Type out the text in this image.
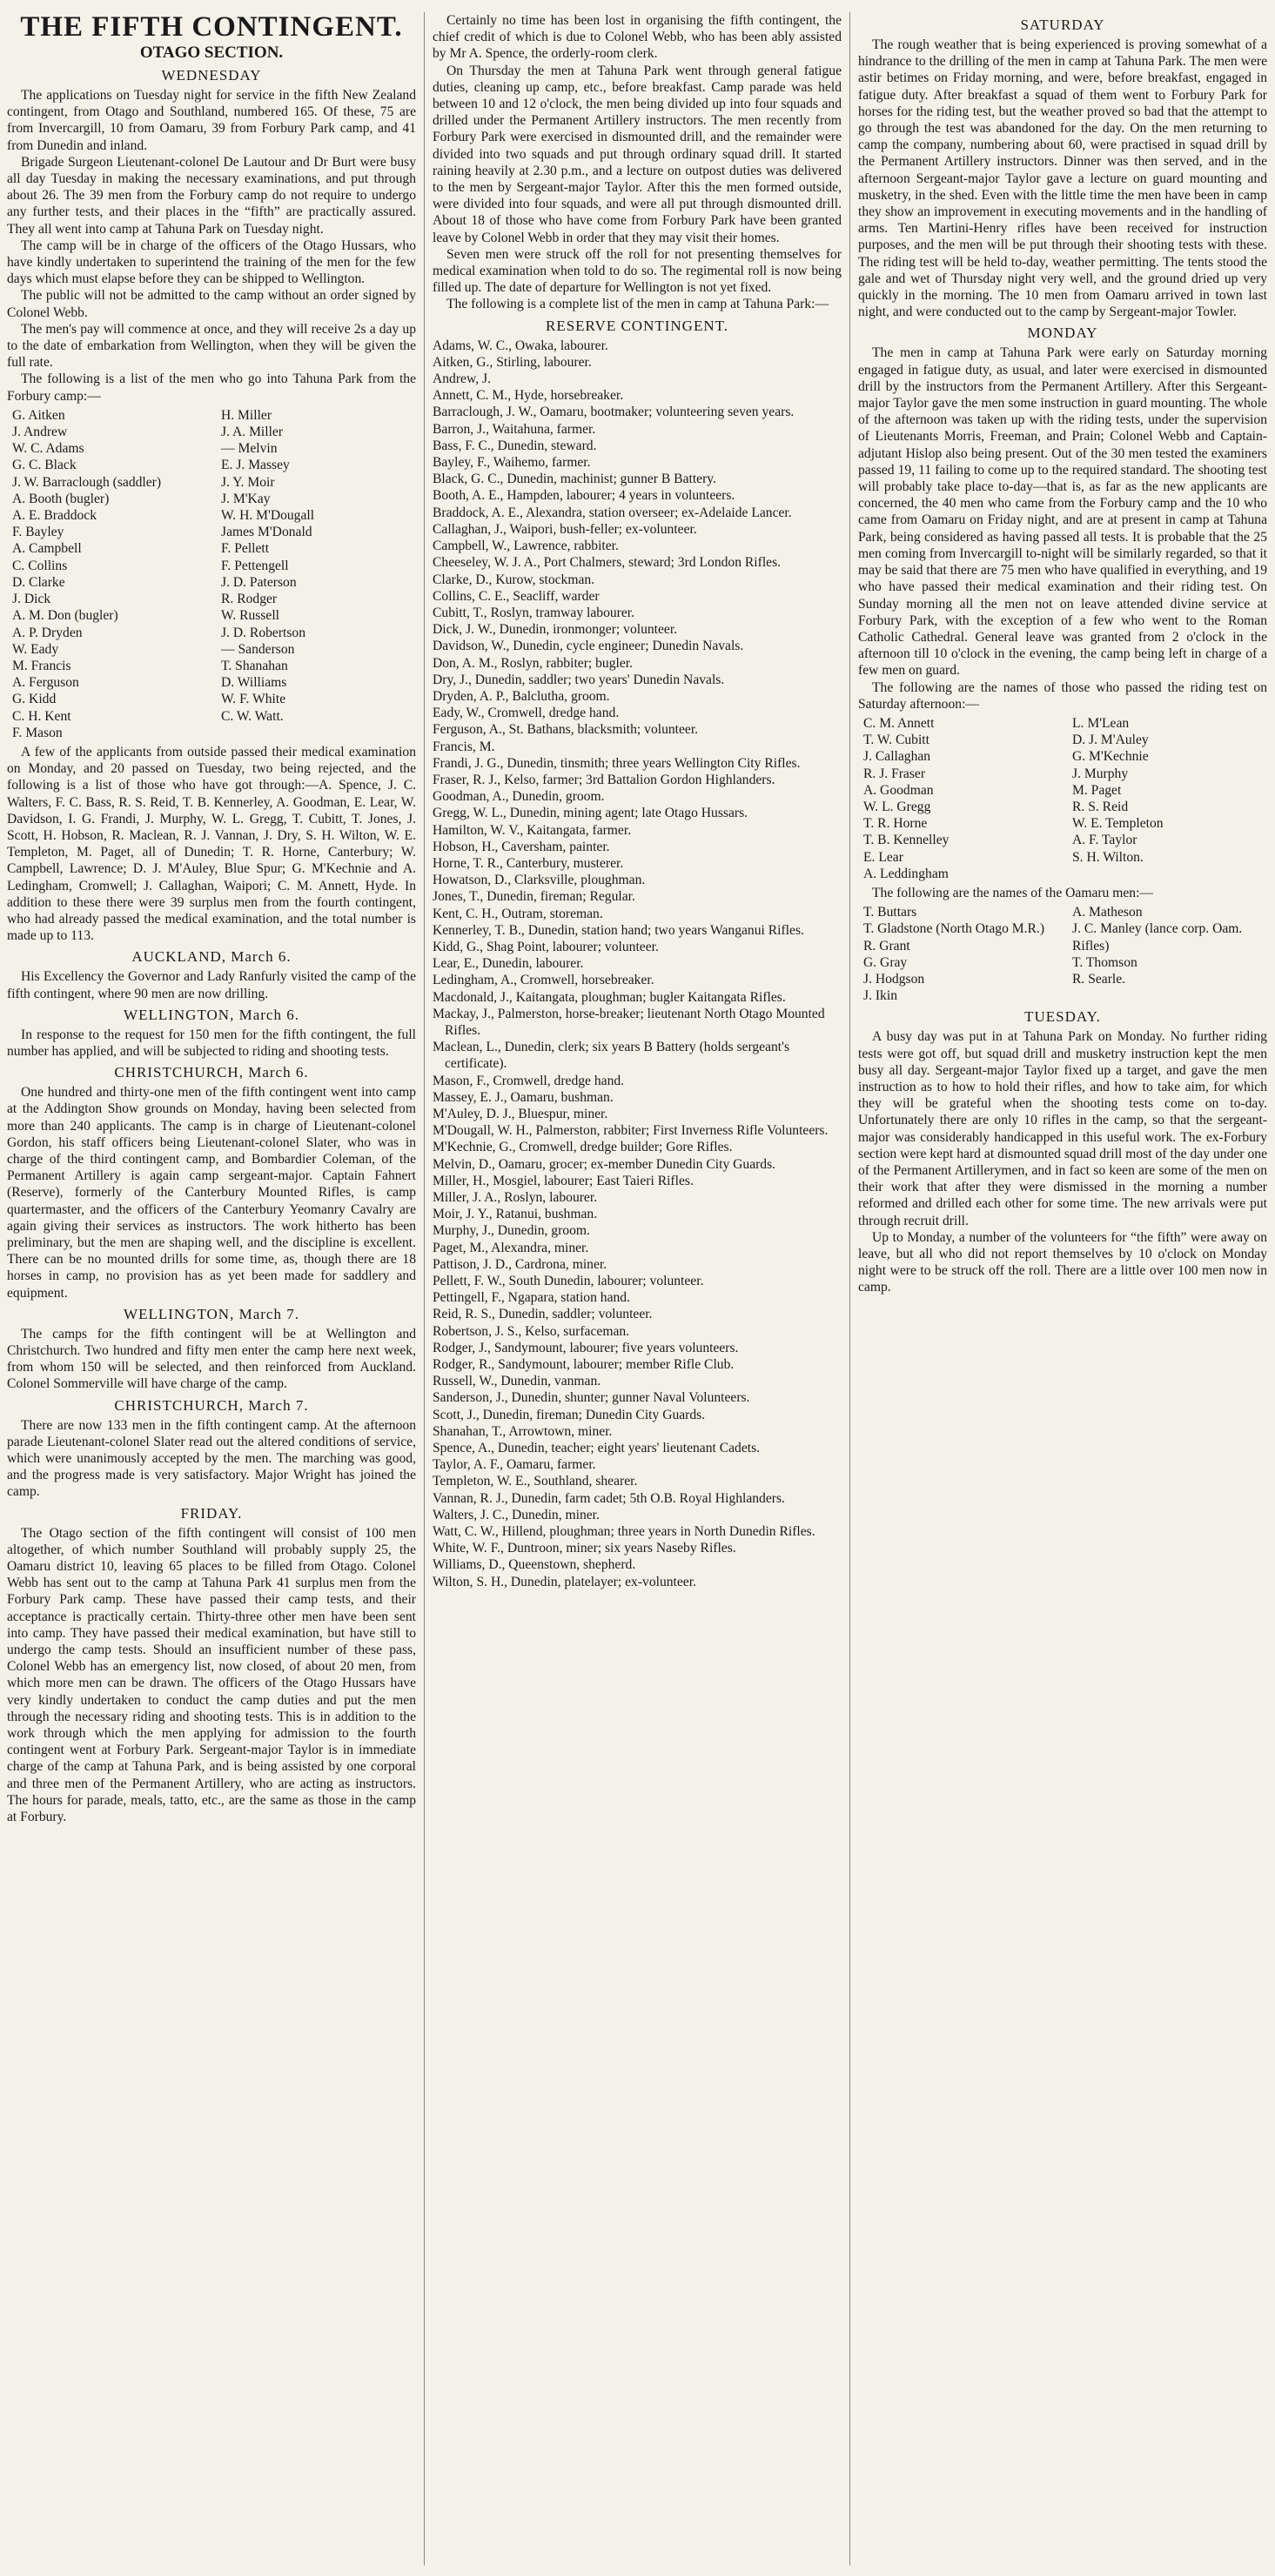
THE FIFTH CONTINGENT.
OTAGO SECTION.
WEDNESDAY

The applications on Tuesday night for service in the fifth New Zealand contingent, from Otago and Southland, numbered 165. Of these, 75 are from Invercargill, 10 from Oamaru, 39 from Forbury Park camp, and 41 from Dunedin and inland.

Brigade Surgeon Lieutenant-colonel De Lautour and Dr Burt were busy all day Tuesday in making the necessary examinations, and put through about 26. The 39 men from the Forbury camp do not require to undergo any further tests, and their places in the “fifth” are practically assured. They all went into camp at Tahuna Park on Tuesday night.

The camp will be in charge of the officers of the Otago Hussars, who have kindly undertaken to superintend the training of the men for the few days which must elapse before they can be shipped to Wellington.

The public will not be admitted to the camp without an order signed by Colonel Webb.

The men's pay will commence at once, and they will receive 2s a day up to the date of embarkation from Wellington, when they will be given the full rate.

The following is a list of the men who go into Tahuna Park from the Forbury camp:—

G. Aitken
J. Andrew
W. C. Adams
G. C. Black
J. W. Barraclough (saddler)
A. Booth (bugler)
A. E. Braddock
F. Bayley
A. Campbell
C. Collins
D. Clarke
J. Dick
A. M. Don (bugler)
A. P. Dryden
W. Eady
M. Francis
A. Ferguson
G. Kidd
C. H. Kent
F. Mason
H. Miller
J. A. Miller
— Melvin
E. J. Massey
J. Y. Moir
J. M'Kay
W. H. M'Dougall
James M'Donald
F. Pellett
F. Pettengell
J. D. Paterson
R. Rodger
W. Russell
J. D. Robertson
— Sanderson
T. Shanahan
D. Williams
W. F. White
C. W. Watt.

A few of the applicants from outside passed their medical examination on Monday, and 20 passed on Tuesday, two being rejected, and the following is a list of those who have got through:—A. Spence, J. C. Walters, F. C. Bass, R. S. Reid, T. B. Kennerley, A. Goodman, E. Lear, W. Davidson, I. G. Frandi, J. Murphy, W. L. Gregg, T. Cubitt, T. Jones, J. Scott, H. Hobson, R. Maclean, R. J. Vannan, J. Dry, S. H. Wilton, W. E. Templeton, M. Paget, all of Dunedin; T. R. Horne, Canterbury; W. Campbell, Lawrence; D. J. M'Auley, Blue Spur; G. M'Kechnie and A. Ledingham, Cromwell; J. Callaghan, Waipori; C. M. Annett, Hyde. In addition to these there were 39 surplus men from the fourth contingent, who had already passed the medical examination, and the total number is made up to 113.

AUCKLAND, March 6.

His Excellency the Governor and Lady Ranfurly visited the camp of the fifth contingent, where 90 men are now drilling.

WELLINGTON, March 6.

In response to the request for 150 men for the fifth contingent, the full number has applied, and will be subjected to riding and shooting tests.

CHRISTCHURCH, March 6.

One hundred and thirty-one men of the fifth contingent went into camp at the Addington Show grounds on Monday, having been selected from more than 240 applicants. The camp is in charge of Lieutenant-colonel Gordon, his staff officers being Lieutenant-colonel Slater, who was in charge of the third contingent camp, and Bombardier Coleman, of the Permanent Artillery is again camp sergeant-major. Captain Fahnert (Reserve), formerly of the Canterbury Mounted Rifles, is camp quartermaster, and the officers of the Canterbury Yeomanry Cavalry are again giving their services as instructors. The work hitherto has been preliminary, but the men are shaping well, and the discipline is excellent. There can be no mounted drills for some time, as, though there are 18 horses in camp, no provision has as yet been made for saddlery and equipment.

WELLINGTON, March 7.

The camps for the fifth contingent will be at Wellington and Christchurch. Two hundred and fifty men enter the camp here next week, from whom 150 will be selected, and then reinforced from Auckland. Colonel Sommerville will have charge of the camp.

CHRISTCHURCH, March 7.

There are now 133 men in the fifth contingent camp. At the afternoon parade Lieutenant-colonel Slater read out the altered conditions of service, which were unanimously accepted by the men. The marching was good, and the progress made is very satisfactory. Major Wright has joined the camp.

FRIDAY.

The Otago section of the fifth contingent will consist of 100 men altogether, of which number Southland will probably supply 25, the Oamaru district 10, leaving 65 places to be filled from Otago. Colonel Webb has sent out to the camp at Tahuna Park 41 surplus men from the Forbury Park camp. These have passed their camp tests, and their acceptance is practically certain. Thirty-three other men have been sent into camp. They have passed their medical examination, but have still to undergo the camp tests. Should an insufficient number of these pass, Colonel Webb has an emergency list, now closed, of about 20 men, from which more men can be drawn. The officers of the Otago Hussars have very kindly undertaken to conduct the camp duties and put the men through the necessary riding and shooting tests. This is in addition to the work through which the men applying for admission to the fourth contingent went at Forbury Park. Sergeant-major Taylor is in immediate charge of the camp at Tahuna Park, and is being assisted by one corporal and three men of the Permanent Artillery, who are acting as instructors. The hours for parade, meals, tatto, etc., are the same as those in the camp at Forbury.

Certainly no time has been lost in organising the fifth contingent, the chief credit of which is due to Colonel Webb, who has been ably assisted by Mr A. Spence, the orderly-room clerk.

On Thursday the men at Tahuna Park went through general fatigue duties, cleaning up camp, etc., before breakfast. Camp parade was held between 10 and 12 o'clock, the men being divided up into four squads and drilled under the Permanent Artillery instructors. The men recently from Forbury Park were exercised in dismounted drill, and the remainder were divided into two squads and put through ordinary squad drill. It started raining heavily at 2.30 p.m., and a lecture on outpost duties was delivered to the men by Sergeant-major Taylor. After this the men formed outside, were divided into four squads, and were all put through dismounted drill. About 18 of those who have come from Forbury Park have been granted leave by Colonel Webb in order that they may visit their homes.

Seven men were struck off the roll for not presenting themselves for medical examination when told to do so. The regimental roll is now being filled up. The date of departure for Wellington is not yet fixed.

The following is a complete list of the men in camp at Tahuna Park:—

RESERVE CONTINGENT.
Adams, W. C., Owaka, labourer.
Aitken, G., Stirling, labourer.
Andrew, J.
Annett, C. M., Hyde, horsebreaker.
Barraclough, J. W., Oamaru, bootmaker; volunteering seven years.
Barron, J., Waitahuna, farmer.
Bass, F. C., Dunedin, steward.
Bayley, F., Waihemo, farmer.
Black, G. C., Dunedin, machinist; gunner B Battery.
Booth, A. E., Hampden, labourer; 4 years in volunteers.
Braddock, A. E., Alexandra, station overseer; ex-Adelaide Lancer.
Callaghan, J., Waipori, bush-feller; ex-volunteer.
Campbell, W., Lawrence, rabbiter.
Cheeseley, W. J. A., Port Chalmers, steward; 3rd London Rifles.
Clarke, D., Kurow, stockman.
Collins, C. E., Seacliff, warder
Cubitt, T., Roslyn, tramway labourer.
Dick, J. W., Dunedin, ironmonger; volunteer.
Davidson, W., Dunedin, cycle engineer; Dunedin Navals.
Don, A. M., Roslyn, rabbiter; bugler.
Dry, J., Dunedin, saddler; two years' Dunedin Navals.
Dryden, A. P., Balclutha, groom.
Eady, W., Cromwell, dredge hand.
Ferguson, A., St. Bathans, blacksmith; volunteer.
Francis, M.
Frandi, J. G., Dunedin, tinsmith; three years Wellington City Rifles.
Fraser, R. J., Kelso, farmer; 3rd Battalion Gordon Highlanders.
Goodman, A., Dunedin, groom.
Gregg, W. L., Dunedin, mining agent; late Otago Hussars.
Hamilton, W. V., Kaitangata, farmer.
Hobson, H., Caversham, painter.
Horne, T. R., Canterbury, musterer.
Howatson, D., Clarksville, ploughman.
Jones, T., Dunedin, fireman; Regular.
Kent, C. H., Outram, storeman.
Kennerley, T. B., Dunedin, station hand; two years Wanganui Rifles.
Kidd, G., Shag Point, labourer; volunteer.
Lear, E., Dunedin, labourer.
Ledingham, A., Cromwell, horsebreaker.
Macdonald, J., Kaitangata, ploughman; bugler Kaitangata Rifles.
Mackay, J., Palmerston, horse-breaker; lieutenant North Otago Mounted Rifles.
Maclean, L., Dunedin, clerk; six years B Battery (holds sergeant's certificate).
Mason, F., Cromwell, dredge hand.
Massey, E. J., Oamaru, bushman.
M'Auley, D. J., Bluespur, miner.
M'Dougall, W. H., Palmerston, rabbiter; First Inverness Rifle Volunteers.
M'Kechnie, G., Cromwell, dredge builder; Gore Rifles.
Melvin, D., Oamaru, grocer; ex-member Dunedin City Guards.
Miller, H., Mosgiel, labourer; East Taieri Rifles.
Miller, J. A., Roslyn, labourer.
Moir, J. Y., Ratanui, bushman.
Murphy, J., Dunedin, groom.
Paget, M., Alexandra, miner.
Pattison, J. D., Cardrona, miner.
Pellett, F. W., South Dunedin, labourer; volunteer.
Pettingell, F., Ngapara, station hand.
Reid, R. S., Dunedin, saddler; volunteer.
Robertson, J. S., Kelso, surfaceman.
Rodger, J., Sandymount, labourer; five years volunteers.
Rodger, R., Sandymount, labourer; member Rifle Club.
Russell, W., Dunedin, vanman.
Sanderson, J., Dunedin, shunter; gunner Naval Volunteers.
Scott, J., Dunedin, fireman; Dunedin City Guards.
Shanahan, T., Arrowtown, miner.
Spence, A., Dunedin, teacher; eight years' lieutenant Cadets.
Taylor, A. F., Oamaru, farmer.
Templeton, W. E., Southland, shearer.
Vannan, R. J., Dunedin, farm cadet; 5th O.B. Royal Highlanders.
Walters, J. C., Dunedin, miner.
Watt, C. W., Hillend, ploughman; three years in North Dunedin Rifles.
White, W. F., Duntroon, miner; six years Naseby Rifles.
Williams, D., Queenstown, shepherd.
Wilton, S. H., Dunedin, platelayer; ex-volunteer.
SATURDAY

The rough weather that is being experienced is proving somewhat of a hindrance to the drilling of the men in camp at Tahuna Park. The men were astir betimes on Friday morning, and were, before breakfast, engaged in fatigue duty. After breakfast a squad of them went to Forbury Park for horses for the riding test, but the weather proved so bad that the attempt to go through the test was abandoned for the day. On the men returning to camp the company, numbering about 60, were practised in squad drill by the Permanent Artillery instructors. Dinner was then served, and in the afternoon Sergeant-major Taylor gave a lecture on guard mounting and musketry, in the shed. Even with the little time the men have been in camp they show an improvement in executing movements and in the handling of arms. Ten Martini-Henry rifles have been received for instruction purposes, and the men will be put through their shooting tests with these. The riding test will be held to-day, weather permitting. The tents stood the gale and wet of Thursday night very well, and the ground dried up very quickly in the morning. The 10 men from Oamaru arrived in town last night, and were conducted out to the camp by Sergeant-major Towler.

MONDAY

The men in camp at Tahuna Park were early on Saturday morning engaged in fatigue duty, as usual, and later were exercised in dismounted drill by the instructors from the Permanent Artillery. After this Sergeant-major Taylor gave the men some instruction in guard mounting. The whole of the afternoon was taken up with the riding tests, under the supervision of Lieutenants Morris, Freeman, and Prain; Colonel Webb and Captain-adjutant Hislop also being present. Out of the 30 men tested the examiners passed 19, 11 failing to come up to the required standard. The shooting test will probably take place to-day—that is, as far as the new applicants are concerned, the 40 men who came from the Forbury camp and the 10 who came from Oamaru on Friday night, and are at present in camp at Tahuna Park, being considered as having passed all tests. It is probable that the 25 men coming from Invercargill to-night will be similarly regarded, so that it may be said that there are 75 men who have qualified in everything, and 19 who have passed their medical examination and their riding test. On Sunday morning all the men not on leave attended divine service at Forbury Park, with the exception of a few who went to the Roman Catholic Cathedral. General leave was granted from 2 o'clock in the afternoon till 10 o'clock in the evening, the camp being left in charge of a few men on guard.

The following are the names of those who passed the riding test on Saturday afternoon:—

C. M. Annett
T. W. Cubitt
J. Callaghan
R. J. Fraser
A. Goodman
W. L. Gregg
T. R. Horne
T. B. Kennelley
E. Lear
A. Leddingham
L. M'Lean
D. J. M'Auley
G. M'Kechnie
J. Murphy
M. Paget
R. S. Reid
W. E. Templeton
A. F. Taylor
S. H. Wilton.

The following are the names of the Oamaru men:—

T. Buttars
T. Gladstone (North Otago M.R.)
R. Grant
G. Gray
J. Hodgson
J. Ikin
A. Matheson
J. C. Manley (lance corp. Oam. Rifles)
T. Thomson
R. Searle.
TUESDAY.

A busy day was put in at Tahuna Park on Monday. No further riding tests were got off, but squad drill and musketry instruction kept the men busy all day. Sergeant-major Taylor fixed up a target, and gave the men instruction as to how to hold their rifles, and how to take aim, for which they will be grateful when the shooting tests come on to-day. Unfortunately there are only 10 rifles in the camp, so that the sergeant-major was considerably handicapped in this useful work. The ex-Forbury section were kept hard at dismounted squad drill most of the day under one of the Permanent Artillerymen, and in fact so keen are some of the men on their work that after they were dismissed in the morning a number reformed and drilled each other for some time. The new arrivals were put through recruit drill.

Up to Monday, a number of the volunteers for “the fifth” were away on leave, but all who did not report themselves by 10 o'clock on Monday night were to be struck off the roll. There are a little over 100 men now in camp.
